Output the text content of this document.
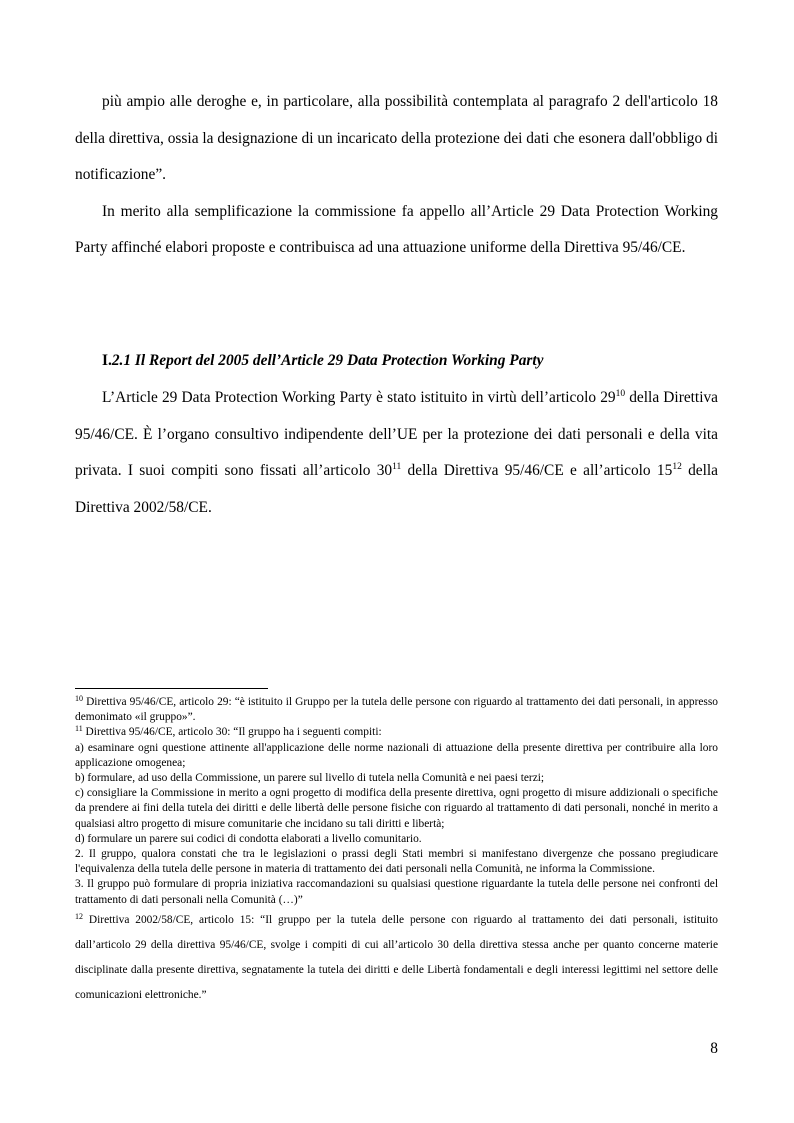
più ampio alle deroghe e, in particolare, alla possibilità contemplata al paragrafo 2 dell'articolo 18 della direttiva, ossia la designazione di un incaricato della protezione dei dati che esonera dall'obbligo di notificazione”.

In merito alla semplificazione la commissione fa appello all’Article 29 Data Protection Working Party affinché elabori proposte e contribuisca ad una attuazione uniforme della Direttiva 95/46/CE.

I.2.1 Il Report del 2005 dell’Article 29 Data Protection Working Party

L’Article 29 Data Protection Working Party è stato istituito in virtù dell’articolo $29^{10}$ della Direttiva 95/46/CE. È l’organo consultivo indipendente dell’UE per la protezione dei dati personali e della vita privata. I suoi compiti sono fissati all’articolo $30^{11}$ della Direttiva 95/46/CE e all’articolo $15^{12}$ della Direttiva 2002/58/CE.

$^{10}$ Direttiva 95/46/CE, articolo 29: “è istituito il Gruppo per la tutela delle persone con riguardo al trattamento dei dati personali, in appresso demonimato «il gruppo»”.

$^{11}$ Direttiva 95/46/CE, articolo 30: “Il gruppo ha i seguenti compiti:

a) esaminare ogni questione attinente all'applicazione delle norme nazionali di attuazione della presente direttiva per contribuire alla loro applicazione omogenea;

b) formulare, ad uso della Commissione, un parere sul livello di tutela nella Comunità e nei paesi terzi;

c) consigliare la Commissione in merito a ogni progetto di modifica della presente direttiva, ogni progetto di misure addizionali o specifiche da prendere ai fini della tutela dei diritti e delle libertà delle persone fisiche con riguardo al trattamento di dati personali, nonché in merito a qualsiasi altro progetto di misure comunitarie che incidano su tali diritti e libertà;

d) formulare un parere sui codici di condotta elaborati a livello comunitario.

2. Il gruppo, qualora constati che tra le legislazioni o prassi degli Stati membri si manifestano divergenze che possano pregiudicare l'equivalenza della tutela delle persone in materia di trattamento dei dati personali nella Comunità, ne informa la Commissione.

3. Il gruppo può formulare di propria iniziativa raccomandazioni su qualsiasi questione riguardante la tutela delle persone nei confronti del trattamento di dati personali nella Comunità (…)”

$^{12}$ Direttiva 2002/58/CE, articolo 15: “Il gruppo per la tutela delle persone con riguardo al trattamento dei dati personali, istituito dall’articolo 29 della direttiva 95/46/CE, svolge i compiti di cui all’articolo 30 della direttiva stessa anche per quanto concerne materie disciplinate dalla presente direttiva, segnatamente la tutela dei diritti e delle Libertà fondamentali e degli interessi legittimi nel settore delle comunicazioni elettroniche.”

8
